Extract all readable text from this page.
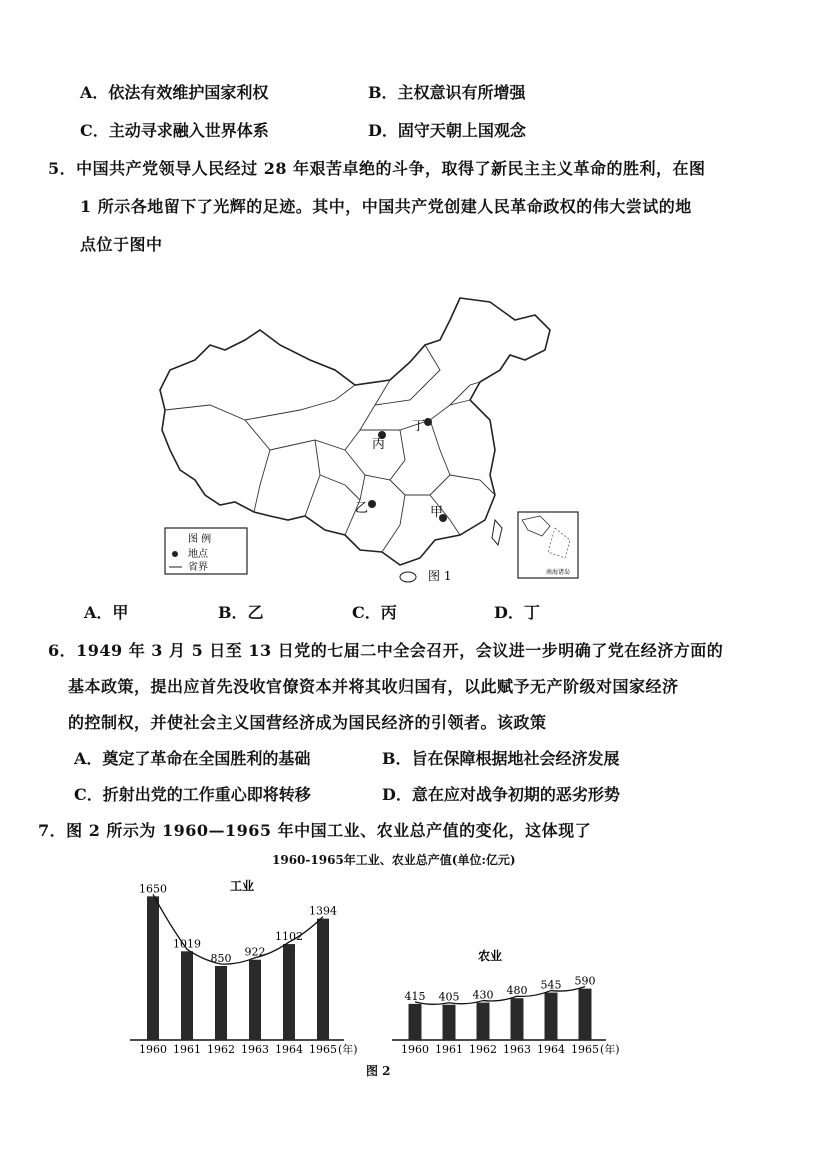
A．依法有效维护国家利权	B．主权意识有所增强
C．主动寻求融入世界体系	D．固守天朝上国观念
5．中国共产党领导人民经过 28 年艰苦卓绝的斗争，取得了新民主主义革命的胜利，在图
1 所示各地留下了光辉的足迹。其中，中国共产党创建人民革命政权的伟大尝试的地
点位于图中
丙
丁
乙	甲
图 例
地点
省界
图 1	南海诸岛
A．甲	B．乙	C．丙	D．丁
6．1949 年 3 月 5 日至 13 日党的七届二中全会召开，会议进一步明确了党在经济方面的
基本政策，提出应首先没收官僚资本并将其收归国有，以此赋予无产阶级对国家经济
的控制权，并使社会主义国营经济成为国民经济的引领者。该政策
A．奠定了革命在全国胜利的基础	B．旨在保障根据地社会经济发展
C．折射出党的工作重心即将转移	D．意在应对战争初期的恶劣形势
7．图 2 所示为 1960—1965 年中国工业、农业总产值的变化，这体现了
1960-1965年工业、农业总产值(单位:亿元)
1650
1960
1019
1961
850
1962
922
1963
1102
1964
1394
1965
工业
(年)
415
1960
405
1961
430
1962
480
1963
545
1964
590
1965
农业
(年)
图 2
